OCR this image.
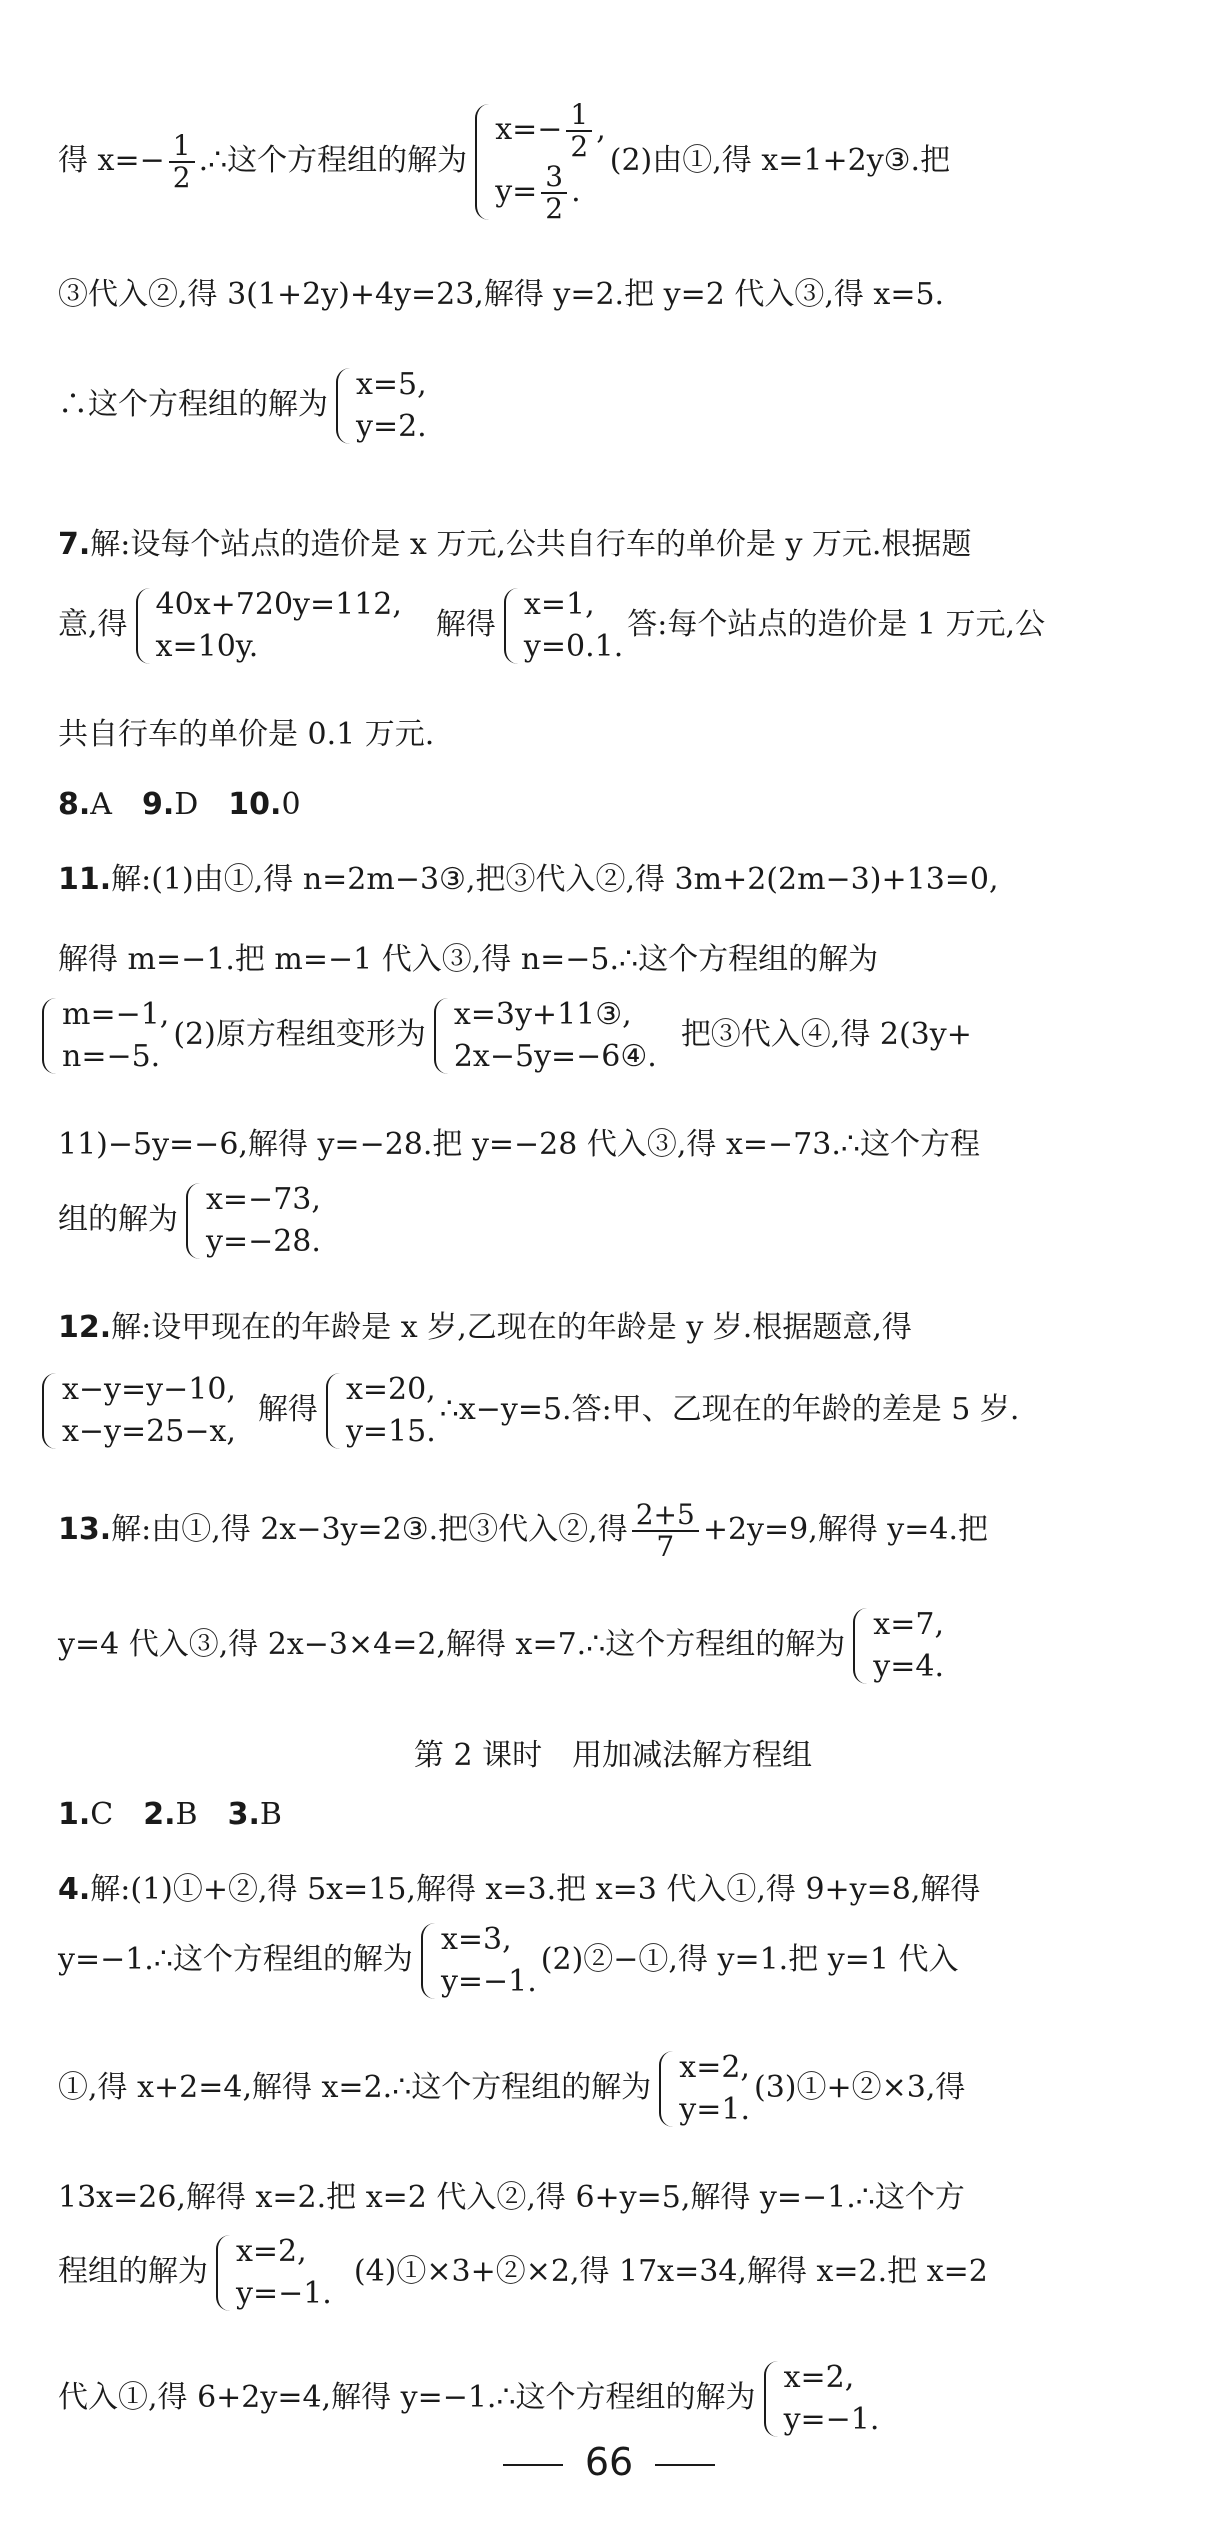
得 $x=- \frac{1}{2}$ .∴这个方程组的解为
$x=- \frac{1}{2}$ ,
$y= \frac{3}{2}$ .
(2)由①,得 x=1+2y③.把
③代入②,得 3(1+2y)+4y=23,解得 y=2.把 y=2 代入③,得 x=5.
∴这个方程组的解为
x=5,
y=2.
7.解:设每个站点的造价是 x 万元,公共自行车的单价是 y 万元.根据题
意,得
40x+720y=112,
x=10y.
解得
x=1,
y=0.1.
答:每个站点的造价是 1 万元,公
共自行车的单价是 0.1 万元.
8.A 9.D 10.0
11.解:(1)由①,得 n=2m−3③,把③代入②,得 3m+2(2m−3)+13=0,
解得 m=−1.把 m=−1 代入③,得 n=−5.∴这个方程组的解为
m=−1,
n=−5.
(2)原方程组变形为
x=3y+11③,
2x−5y=−6④.
把③代入④,得 2(3y+
11)−5y=−6,解得 y=−28.把 y=−28 代入③,得 x=−73.∴这个方程
组的解为
x=−73,
y=−28.
12.解:设甲现在的年龄是 x 岁,乙现在的年龄是 y 岁.根据题意,得
x−y=y−10,
x−y=25−x,
解得
x=20,
y=15.
∴x−y=5.答:甲、乙现在的年龄的差是 5 岁.
13.解:由①,得 2x−3y=2③.把③代入②,得 $\frac{2+5}{7} +2y=9$,解得 y=4.把
y=4 代入③,得 2x−3×4=2,解得 x=7.∴这个方程组的解为
x=7,
y=4.
第 2 课时　用加减法解方程组
1.C 2.B 3.B
4.解:(1)①+②,得 5x=15,解得 x=3.把 x=3 代入①,得 9+y=8,解得
y=−1.∴这个方程组的解为
x=3,
y=−1.
(2)②−①,得 y=1.把 y=1 代入
①,得 x+2=4,解得 x=2.∴这个方程组的解为
x=2,
y=1.
(3)①+②×3,得
13x=26,解得 x=2.把 x=2 代入②,得 6+y=5,解得 y=−1.∴这个方
程组的解为
x=2,
y=−1.
(4)①×3+②×2,得 17x=34,解得 x=2.把 x=2
代入①,得 6+2y=4,解得 y=−1.∴这个方程组的解为
x=2,
y=−1.
66
